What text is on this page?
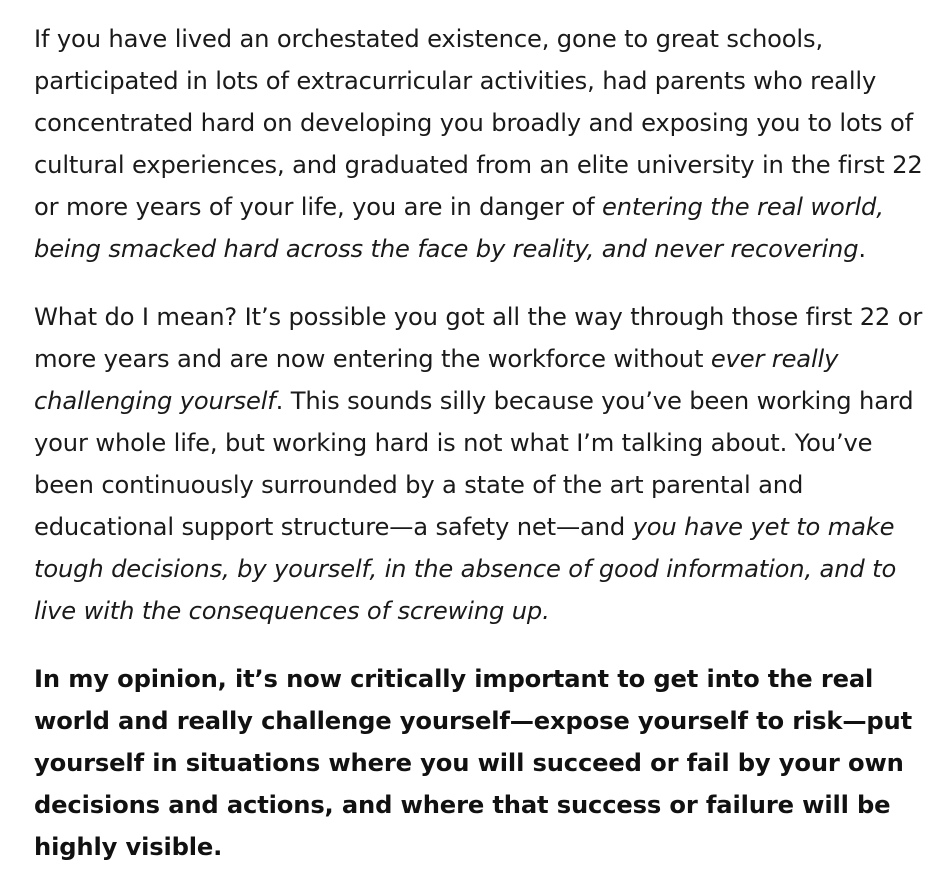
If you have lived an orchestated existence, gone to great schools, participated in lots of extracurricular activities, had parents who really concentrated hard on developing you broadly and exposing you to lots of cultural experiences, and graduated from an elite university in the first 22 or more years of your life, you are in danger of entering the real world, being smacked hard across the face by reality, and never recovering.

What do I mean? It’s possible you got all the way through those first 22 or more years and are now entering the workforce without ever really challenging yourself. This sounds silly because you’ve been working hard your whole life, but working hard is not what I’m talking about. You’ve been continuously surrounded by a state of the art parental and educational support structure—a safety net—and you have yet to make tough decisions, by yourself, in the absence of good information, and to live with the consequences of screwing up.

In my opinion, it’s now critically important to get into the real world and really challenge yourself—expose yourself to risk—put yourself in situations where you will succeed or fail by your own decisions and actions, and where that success or failure will be highly visible.
